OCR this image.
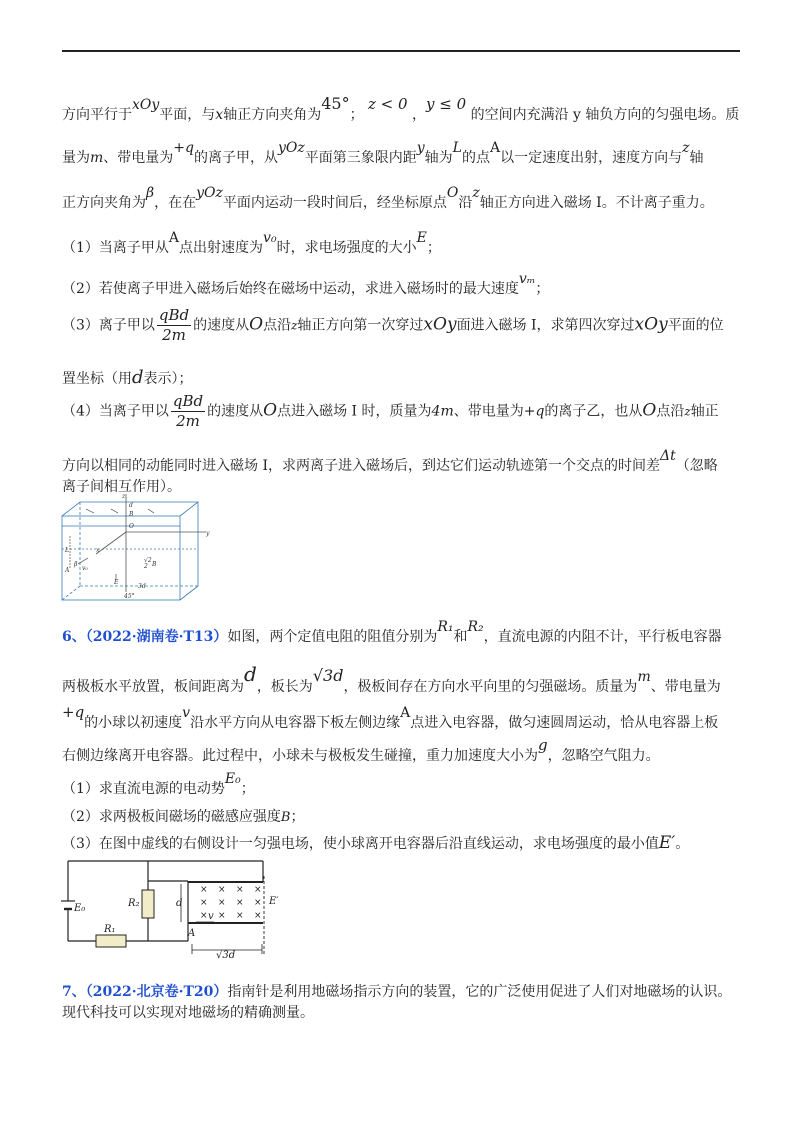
方向平行于xOy平面，与x轴正方向夹角为45°； z < 0 ，y ≤ 0 的空间内充满沿 y 轴负方向的匀强电场。质
量为m、带电量为+q的离子甲，从yOz平面第三象限内距y轴为L的点A以一定速度出射，速度方向与z轴
正方向夹角为β，在在yOz平面内运动一段时间后，经坐标原点O沿z轴正方向进入磁场 I。不计离子重力。
（1）当离子甲从A点出射速度为v₀时，求电场强度的大小E；
（2）若使离子甲进入磁场后始终在磁场中运动，求进入磁场时的最大速度vₘ；
（3）离子甲以 $\frac{\text{qBd}}{2m}$ 的速度从O点沿z轴正方向第一次穿过xOy面进入磁场 I，求第四次穿过xOy平面的位
置坐标（用d表示）；
（4）当离子甲以 $\frac{\text{qBd}}{2m}$ 的速度从O点进入磁场 I 时，质量为4m、带电量为+q的离子乙，也从O点沿z轴正
方向以相同的动能同时进入磁场 I，求两离子进入磁场后，到达它们运动轨迹第一个交点的时间差Δt（忽略
离子间相互作用）。
z
d
B
O
y
x
L
A
β
v₀
E
√2
2 B
3d
45°
6、（2022·湖南卷·T13）如图，两个定值电阻的阻值分别为R₁和R₂，直流电源的内阻不计，平行板电容器
两极板水平放置，板间距离为d，板长为√3d，极板间存在方向水平向里的匀强磁场。质量为m、带电量为
+q的小球以初速度v沿水平方向从电容器下板左侧边缘A点进入电容器，做匀速圆周运动，恰从电容器上板
右侧边缘离开电容器。此过程中，小球未与极板发生碰撞，重力加速度大小为g，忽略空气阻力。
（1）求直流电源的电动势E₀；
（2）求两极板间磁场的磁感应强度B；
（3）在图中虚线的右侧设计一匀强电场，使小球离开电容器后沿直线运动，求电场强度的最小值E′。
E₀	R₂
R₁
d
v
A
E′
√3d
× × × ×
× × × ×
× × × ×
7、（2022·北京卷·T20）指南针是利用地磁场指示方向的装置，它的广泛使用促进了人们对地磁场的认识。
现代科技可以实现对地磁场的精确测量。
